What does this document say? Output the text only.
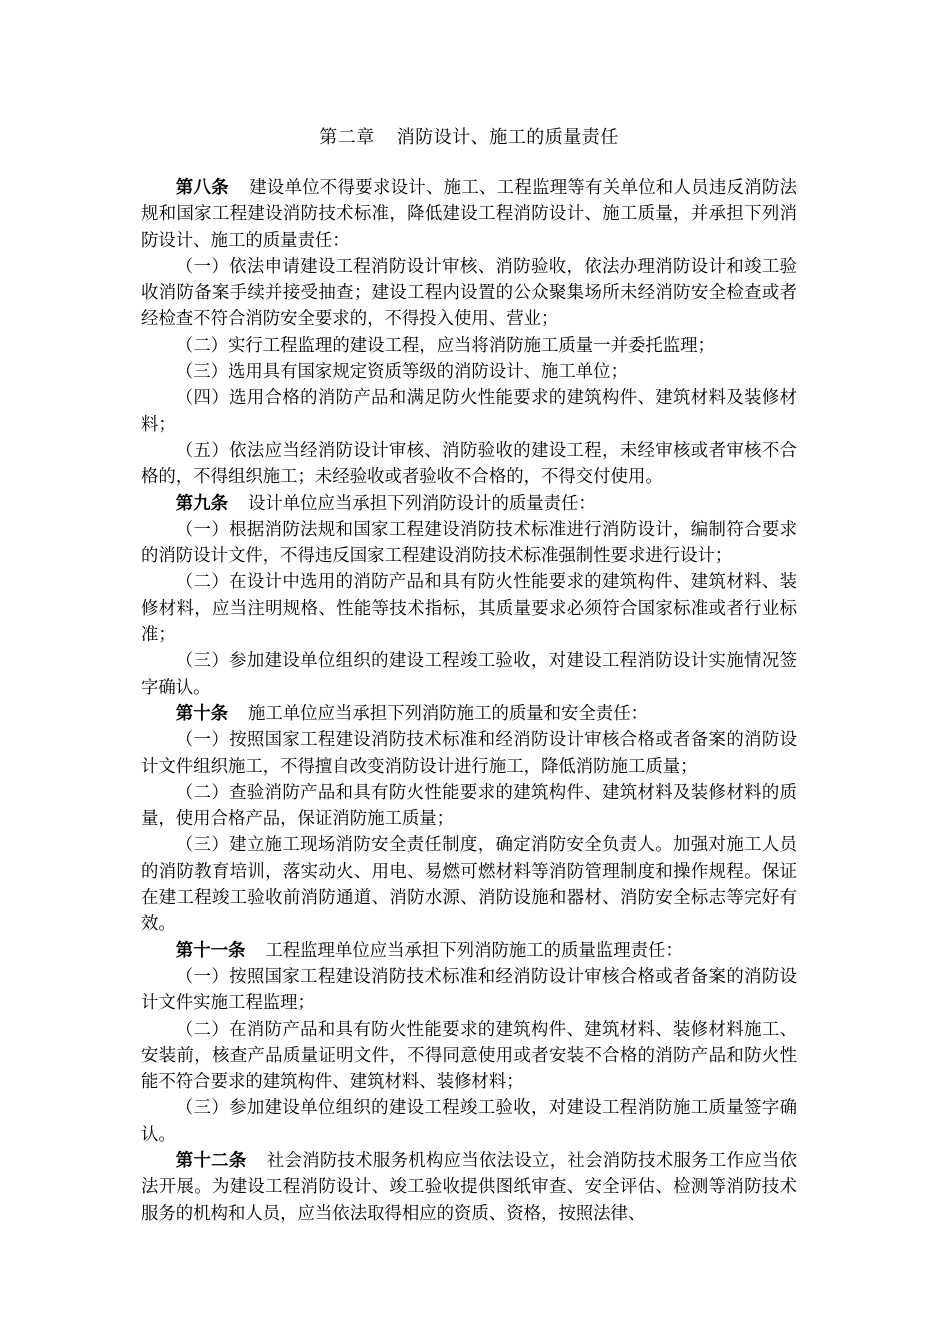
第二章 消防设计、施工的质量责任

第八条 建设单位不得要求设计、施工、工程监理等有关单位和人员违反消防法规和国家工程建设消防技术标准，降低建设工程消防设计、施工质量，并承担下列消防设计、施工的质量责任：

（一）依法申请建设工程消防设计审核、消防验收，依法办理消防设计和竣工验收消防备案手续并接受抽查；建设工程内设置的公众聚集场所未经消防安全检查或者经检查不符合消防安全要求的，不得投入使用、营业；

（二）实行工程监理的建设工程，应当将消防施工质量一并委托监理；

（三）选用具有国家规定资质等级的消防设计、施工单位；

（四）选用合格的消防产品和满足防火性能要求的建筑构件、建筑材料及装修材料；

（五）依法应当经消防设计审核、消防验收的建设工程，未经审核或者审核不合格的，不得组织施工；未经验收或者验收不合格的，不得交付使用。

第九条 设计单位应当承担下列消防设计的质量责任：

（一）根据消防法规和国家工程建设消防技术标准进行消防设计，编制符合要求的消防设计文件，不得违反国家工程建设消防技术标准强制性要求进行设计；

（二）在设计中选用的消防产品和具有防火性能要求的建筑构件、建筑材料、装修材料，应当注明规格、性能等技术指标，其质量要求必须符合国家标准或者行业标准；

（三）参加建设单位组织的建设工程竣工验收，对建设工程消防设计实施情况签字确认。

第十条 施工单位应当承担下列消防施工的质量和安全责任：

（一）按照国家工程建设消防技术标准和经消防设计审核合格或者备案的消防设计文件组织施工，不得擅自改变消防设计进行施工，降低消防施工质量；

（二）查验消防产品和具有防火性能要求的建筑构件、建筑材料及装修材料的质量，使用合格产品，保证消防施工质量；

（三）建立施工现场消防安全责任制度，确定消防安全负责人。加强对施工人员的消防教育培训，落实动火、用电、易燃可燃材料等消防管理制度和操作规程。保证在建工程竣工验收前消防通道、消防水源、消防设施和器材、消防安全标志等完好有效。

第十一条 工程监理单位应当承担下列消防施工的质量监理责任：

（一）按照国家工程建设消防技术标准和经消防设计审核合格或者备案的消防设计文件实施工程监理；

（二）在消防产品和具有防火性能要求的建筑构件、建筑材料、装修材料施工、安装前，核查产品质量证明文件，不得同意使用或者安装不合格的消防产品和防火性能不符合要求的建筑构件、建筑材料、装修材料；

（三）参加建设单位组织的建设工程竣工验收，对建设工程消防施工质量签字确认。

第十二条 社会消防技术服务机构应当依法设立，社会消防技术服务工作应当依法开展。为建设工程消防设计、竣工验收提供图纸审查、安全评估、检测等消防技术服务的机构和人员，应当依法取得相应的资质、资格，按照法律、
